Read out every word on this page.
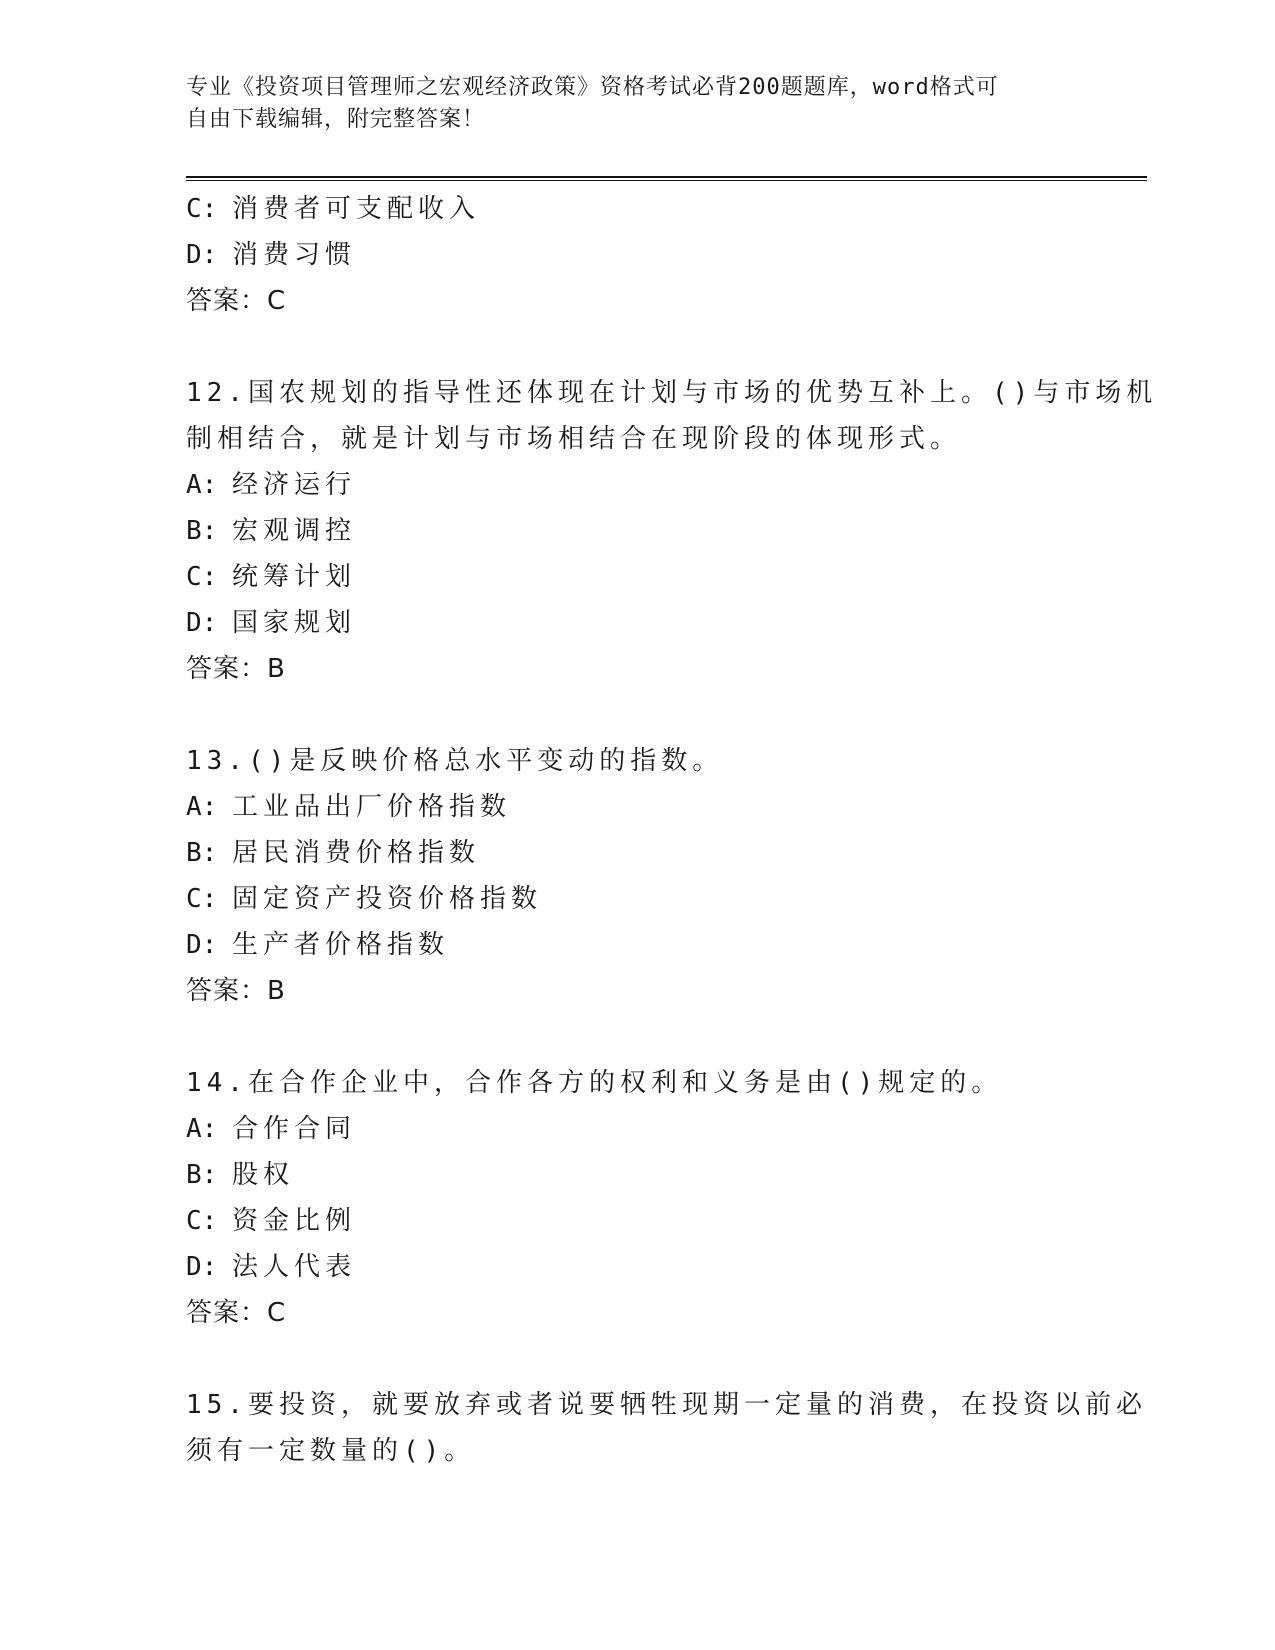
专业《投资项目管理师之宏观经济政策》资格考试必背200题题库，word格式可
自由下载编辑，附完整答案！
C: 消费者可支配收入
D: 消费习惯
答案：C
12.国农规划的指导性还体现在计划与市场的优势互补上。()与市场机
制相结合，就是计划与市场相结合在现阶段的体现形式。
A: 经济运行
B: 宏观调控
C: 统筹计划
D: 国家规划
答案：B
13.()是反映价格总水平变动的指数。
A: 工业品出厂价格指数
B: 居民消费价格指数
C: 固定资产投资价格指数
D: 生产者价格指数
答案：B
14.在合作企业中，合作各方的权利和义务是由()规定的。
A: 合作合同
B: 股权
C: 资金比例
D: 法人代表
答案：C
15.要投资，就要放弃或者说要牺牲现期一定量的消费，在投资以前必
须有一定数量的()。
